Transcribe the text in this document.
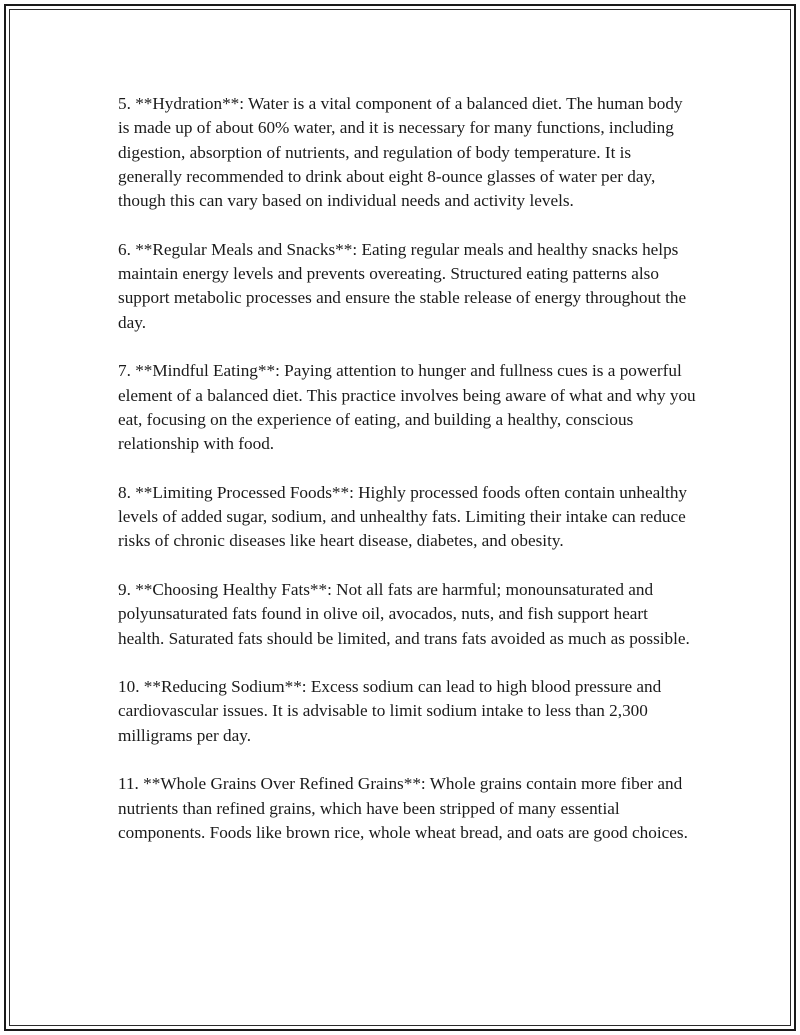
5. **Hydration**: Water is a vital component of a balanced diet. The human body is made up of about 60% water, and it is necessary for many functions, including digestion, absorption of nutrients, and regulation of body temperature. It is generally recommended to drink about eight 8-ounce glasses of water per day, though this can vary based on individual needs and activity levels.

6. **Regular Meals and Snacks**: Eating regular meals and healthy snacks helps maintain energy levels and prevents overeating. Structured eating patterns also support metabolic processes and ensure the stable release of energy throughout the day.

7. **Mindful Eating**: Paying attention to hunger and fullness cues is a powerful element of a balanced diet. This practice involves being aware of what and why you eat, focusing on the experience of eating, and building a healthy, conscious relationship with food.

8. **Limiting Processed Foods**: Highly processed foods often contain unhealthy levels of added sugar, sodium, and unhealthy fats. Limiting their intake can reduce risks of chronic diseases like heart disease, diabetes, and obesity.

9. **Choosing Healthy Fats**: Not all fats are harmful; monounsaturated and polyunsaturated fats found in olive oil, avocados, nuts, and fish support heart health. Saturated fats should be limited, and trans fats avoided as much as possible.

10. **Reducing Sodium**: Excess sodium can lead to high blood pressure and cardiovascular issues. It is advisable to limit sodium intake to less than 2,300 milligrams per day.

11. **Whole Grains Over Refined Grains**: Whole grains contain more fiber and nutrients than refined grains, which have been stripped of many essential components. Foods like brown rice, whole wheat bread, and oats are good choices.
